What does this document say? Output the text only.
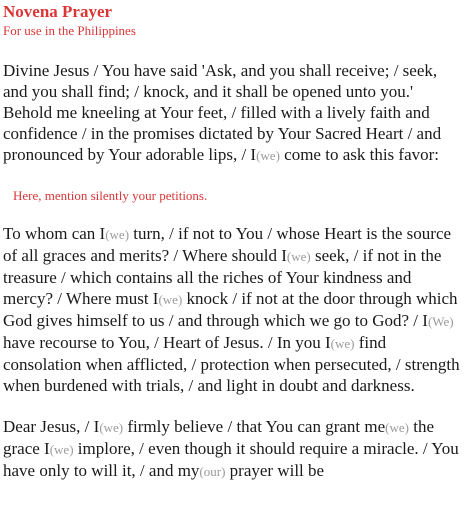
Novena Prayer
For use in the Philippines

Divine Jesus / You have said 'Ask, and you shall receive; / seek, and you shall find; / knock, and it shall be opened unto you.' Behold me kneeling at Your feet, / filled with a lively faith and confidence / in the promises dictated by Your Sacred Heart / and pronounced by Your adorable lips, / I(we) come to ask this favor:

Here, mention silently your petitions.

To whom can I(we) turn, / if not to You / whose Heart is the source of all graces and merits? / Where should I(we) seek, / if not in the treasure / which contains all the riches of Your kindness and mercy? / Where must I(we) knock / if not at the door through which God gives himself to us / and through which we go to God? / I(We) have recourse to You, / Heart of Jesus. / In you I(we) find consolation when afflicted, / protection when persecuted, / strength when burdened with trials, / and light in doubt and darkness.

Dear Jesus, / I(we) firmly believe / that You can grant me(we) the grace I(we) implore, / even though it should require a miracle. / You have only to will it, / and my(our) prayer will be
